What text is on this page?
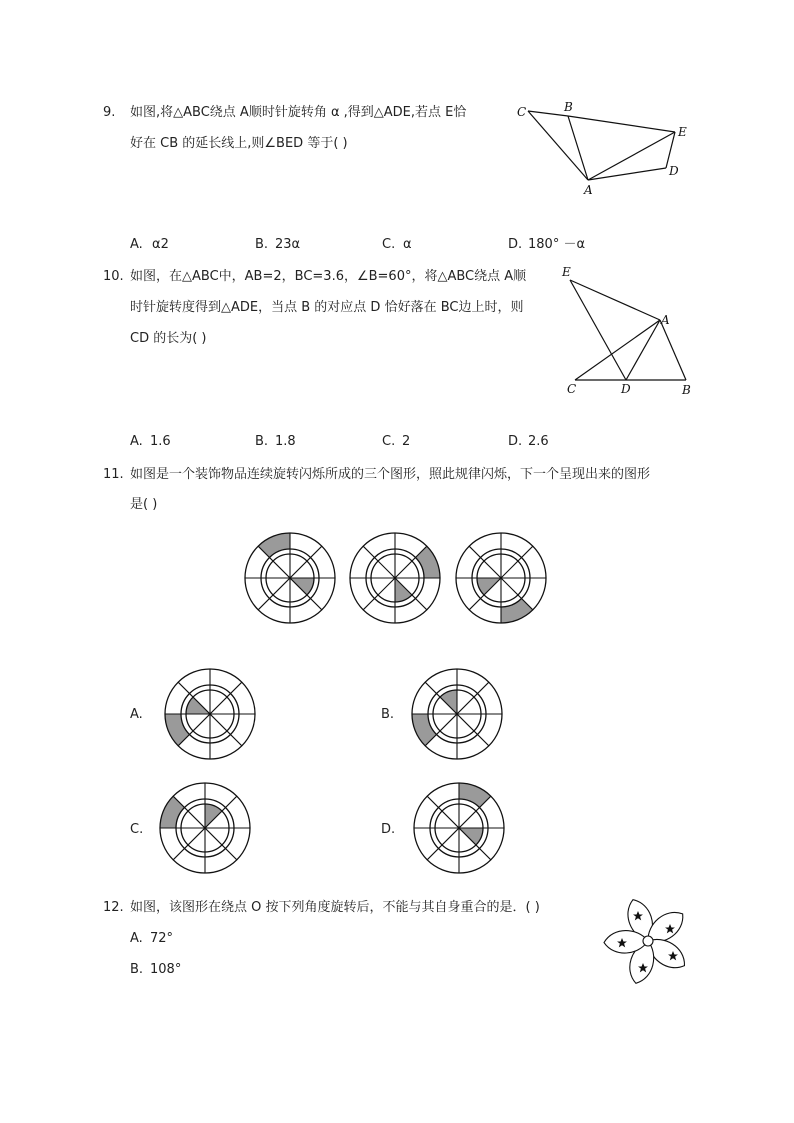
9. 如图,将△ABC绕点 A顺时针旋转角 α ,得到△ADE,若点 E恰
好在 CB 的延长线上,则∠BED 等于( )
C	B
E
D
A
A. α2	B. 23α	C. α	D. 180° －α
10. 如图，在△ABC中，AB=2，BC=3.6，∠B=60°，将△ABC绕点 A顺
时针旋转度得到△ADE，当点 B 的对应点 D 恰好落在 BC边上时，则
CD 的长为( )
E
A
C	D	B
A. 1.6	B. 1.8	C. 2	D. 2.6
11. 如图是一个装饰物品连续旋转闪烁所成的三个图形，照此规律闪烁，下一个呈现出来的图形
是( )
A.	B.
C.	D.
12. 如图，该图形在绕点 O 按下列角度旋转后，不能与其自身重合的是．( )
A. 72°
B. 108°
